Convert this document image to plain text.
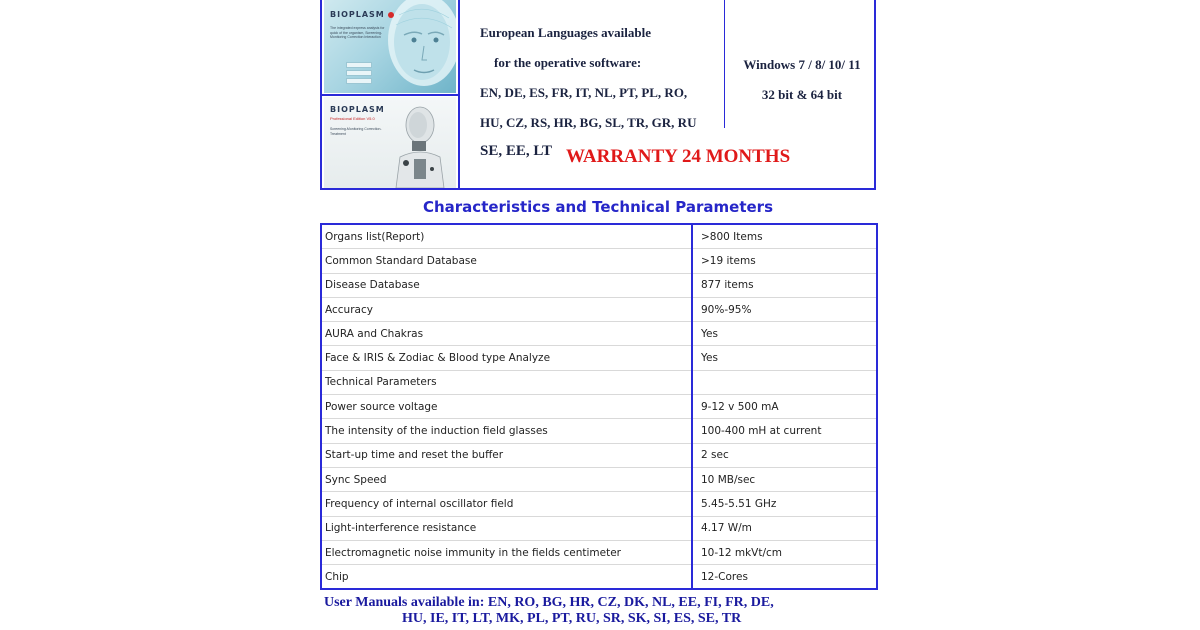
BIOPLASM
The integrated express analysis for quick of the organism, Screening-Monitoring Correction Interaction
BIOPLASM
Professional Edition V5.0
Screening-Monitoring Correction-Treatment
European Languages available
for the operative software:
EN, DE, ES, FR, IT, NL, PT, PL, RO,
HU, CZ, RS, HR, BG, SL, TR, GR, RU
Windows 7 / 8/ 10/ 11
32 bit & 64 bit
SE, EE, LT WARRANTY 24 MONTHS
Characteristics and Technical Parameters
Organs list(Report)	>800 Items
Common Standard Database	>19 items
Disease Database	877 items
Accuracy	90%-95%
AURA and Chakras	Yes
Face & IRIS & Zodiac & Blood type Analyze	Yes
Technical Parameters	
Power source voltage	9-12 v 500 mA
The intensity of the induction field glasses	100-400 mH at current
Start-up time and reset the buffer	2 sec
Sync Speed	10 MB/sec
Frequency of internal oscillator field	5.45-5.51 GHz
Light-interference resistance	4.17 W/m
Electromagnetic noise immunity in the fields centimeter	10-12 mkVt/cm
Chip	12-Cores
User Manuals available in: EN, RO, BG, HR, CZ, DK, NL, EE, FI, FR, DE,
HU, IE, IT, LT, MK, PL, PT, RU, SR, SK, SI, ES, SE, TR
